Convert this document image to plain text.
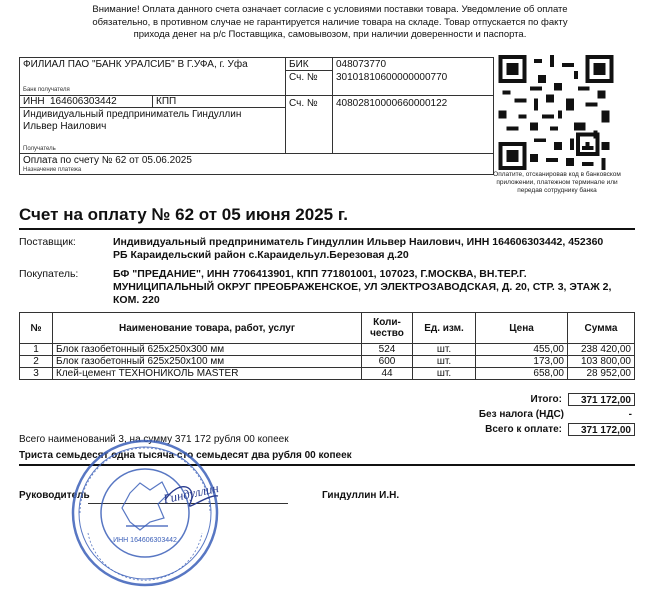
Внимание! Оплата данного счета означает согласие с условиями поставки товара. Уведомление об оплате
обязательно, в противном случае не гарантируется наличие товара на складе. Товар отпускается по факту
прихода денег на р/с Поставщика, самовывозом, при наличии доверенности и паспорта.
ФИЛИАЛ ПАО "БАНК УРАЛСИБ" В Г.УФА, г. Уфа
Банк получателя
БИК	048073770
Сч. № 30101810600000000770
ИНН 164606303442	КПП	Сч. № 40802810000660000122
Индивидуальный предприниматель Гиндуллин
Ильвер Наилович
Получатель
Оплата по счету № 62 от 05.06.2025
Назначение платежа
Оплатите, отсканировав код в банковском
приложении, платежном терминале или
передав сотруднику банка
Счет на оплату № 62 от 05 июня 2025 г.
Поставщик:	Индивидуальный предприниматель Гиндуллин Ильвер Наилович, ИНН 164606303442, 452360
РБ Караидельский район с.Караидельул.Березовая д.20
Покупатель:	БФ "ПРЕДАНИЕ", ИНН 7706413901, КПП 771801001, 107023, Г.МОСКВА, ВН.ТЕР.Г.
МУНИЦИПАЛЬНЫЙ ОКРУГ ПРЕОБРАЖЕНСКОЕ, УЛ ЭЛЕКТРОЗАВОДСКАЯ, Д. 20, СТР. 3, ЭТАЖ 2,
КОМ. 220
№	Наименование товара, работ, услуг	Коли-чество	Ед. изм.	Цена	Сумма
1	Блок газобетонный 625х250х300 мм	524	шт.	455,00	238 420,00
2	Блок газобетонный 625х250х100 мм	600	шт.	173,00	103 800,00
3	Клей-цемент ТЕХНОНИКОЛЬ MASTER	44	шт.	658,00	28 952,00
Итого:	371 172,00
Без налога (НДС)	-
Всего к оплате:	371 172,00
Всего наименований 3, на сумму 371 172 рубля 00 копеек
Триста семьдесят одна тысяча сто семьдесят два рубля 00 копеек
Руководитель	Гиндуллин И.Н.
ИНН 164606303442
Гиндуллин
